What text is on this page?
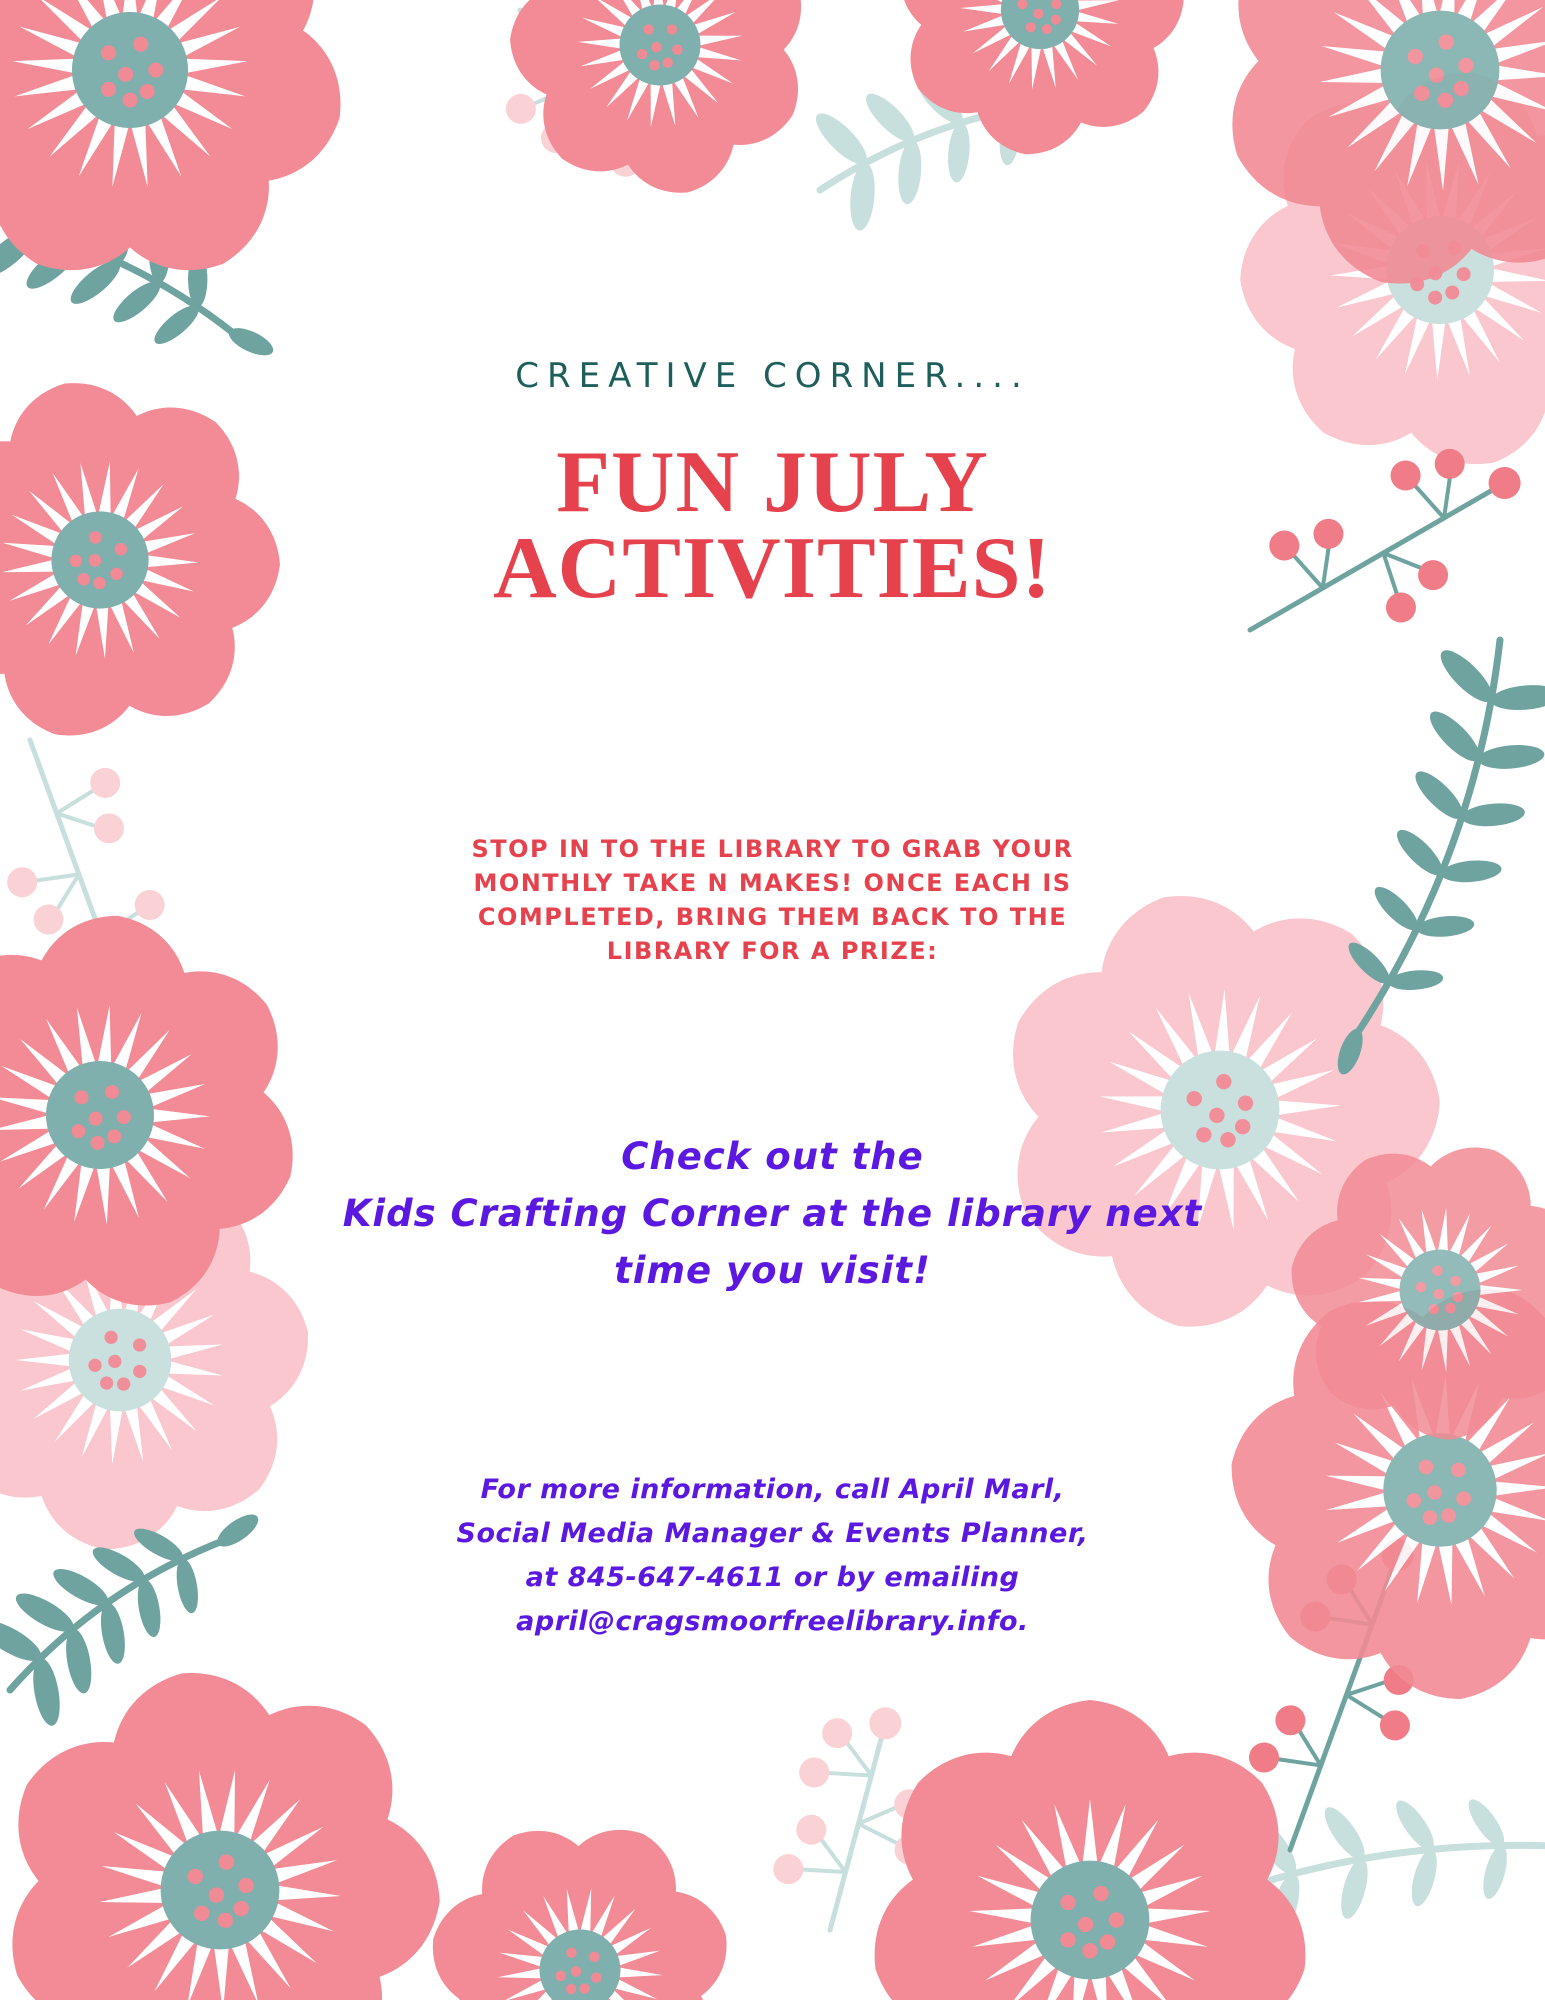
CREATIVE CORNER....
FUN JULY
ACTIVITIES!
STOP IN TO THE LIBRARY TO GRAB YOUR
MONTHLY TAKE N MAKES! ONCE EACH IS
COMPLETED, BRING THEM BACK TO THE
LIBRARY FOR A PRIZE:
Check out the
Kids Crafting Corner at the library next
time you visit!
For more information, call April Marl,
Social Media Manager & Events Planner,
at 845-647-4611 or by emailing
april@cragsmoorfreelibrary.info.
